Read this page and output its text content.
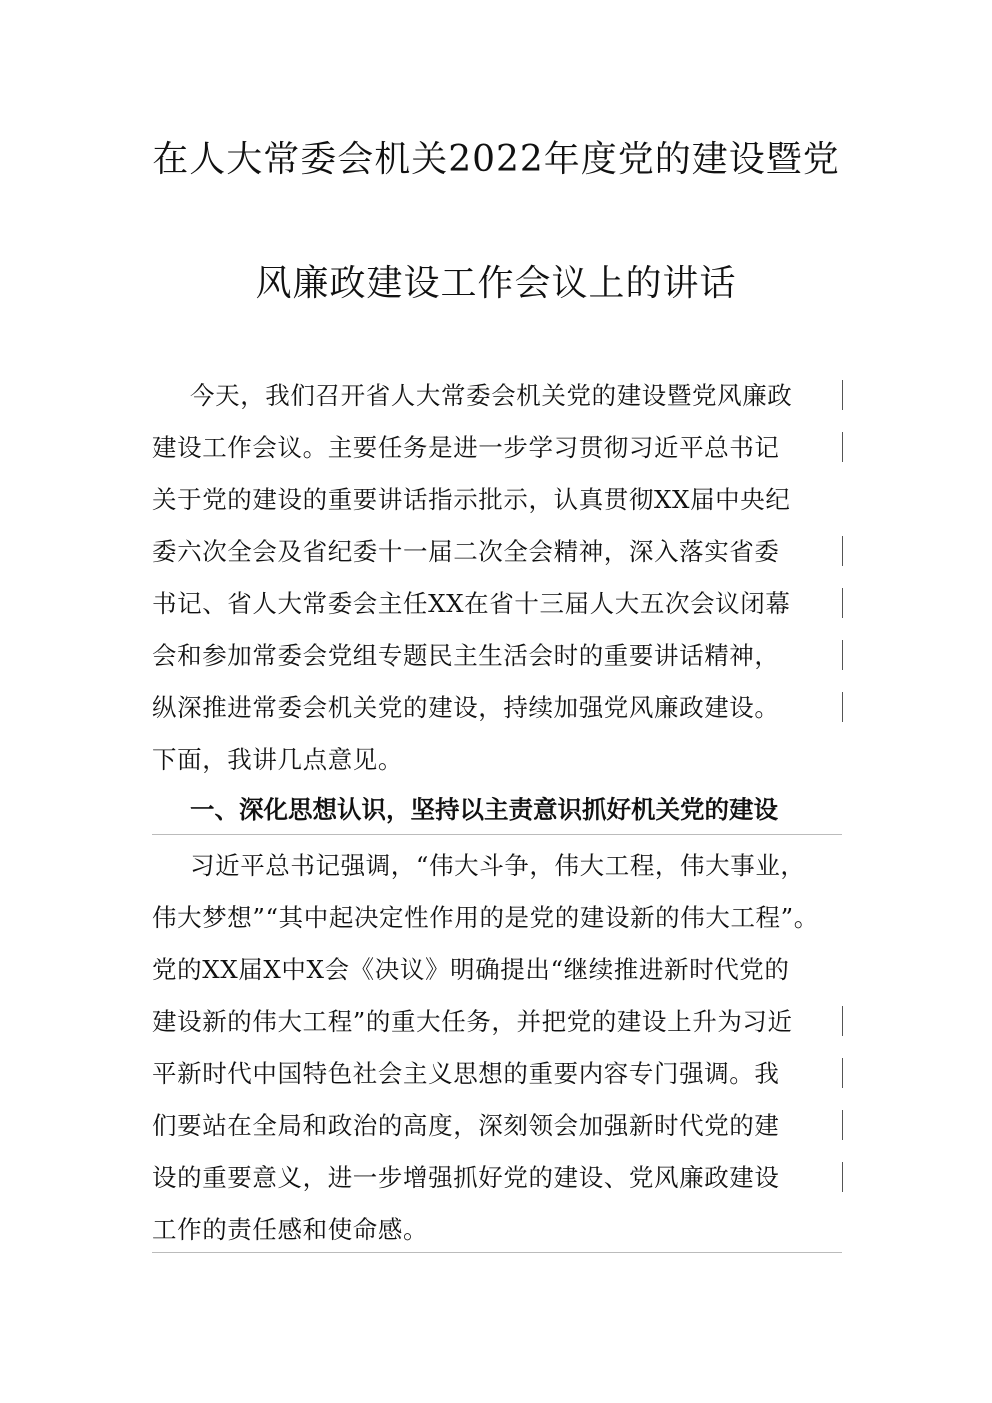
在人大常委会机关2022年度党的建设暨党
风廉政建设工作会议上的讲话
今天，我们召开省人大常委会机关党的建设暨党风廉政
建设工作会议。主要任务是进一步学习贯彻习近平总书记
关于党的建设的重要讲话指示批示，认真贯彻XX届中央纪
委六次全会及省纪委十一届二次全会精神，深入落实省委
书记、省人大常委会主任XX在省十三届人大五次会议闭幕
会和参加常委会党组专题民主生活会时的重要讲话精神，
纵深推进常委会机关党的建设，持续加强党风廉政建设。
下面，我讲几点意见。
一、深化思想认识，坚持以主责意识抓好机关党的建设
习近平总书记强调，“伟大斗争，伟大工程，伟大事业，
伟大梦想”“其中起决定性作用的是党的建设新的伟大工程”。
党的XX届X中X会《决议》明确提出“继续推进新时代党的
建设新的伟大工程”的重大任务，并把党的建设上升为习近
平新时代中国特色社会主义思想的重要内容专门强调。我
们要站在全局和政治的高度，深刻领会加强新时代党的建
设的重要意义，进一步增强抓好党的建设、党风廉政建设
工作的责任感和使命感。
